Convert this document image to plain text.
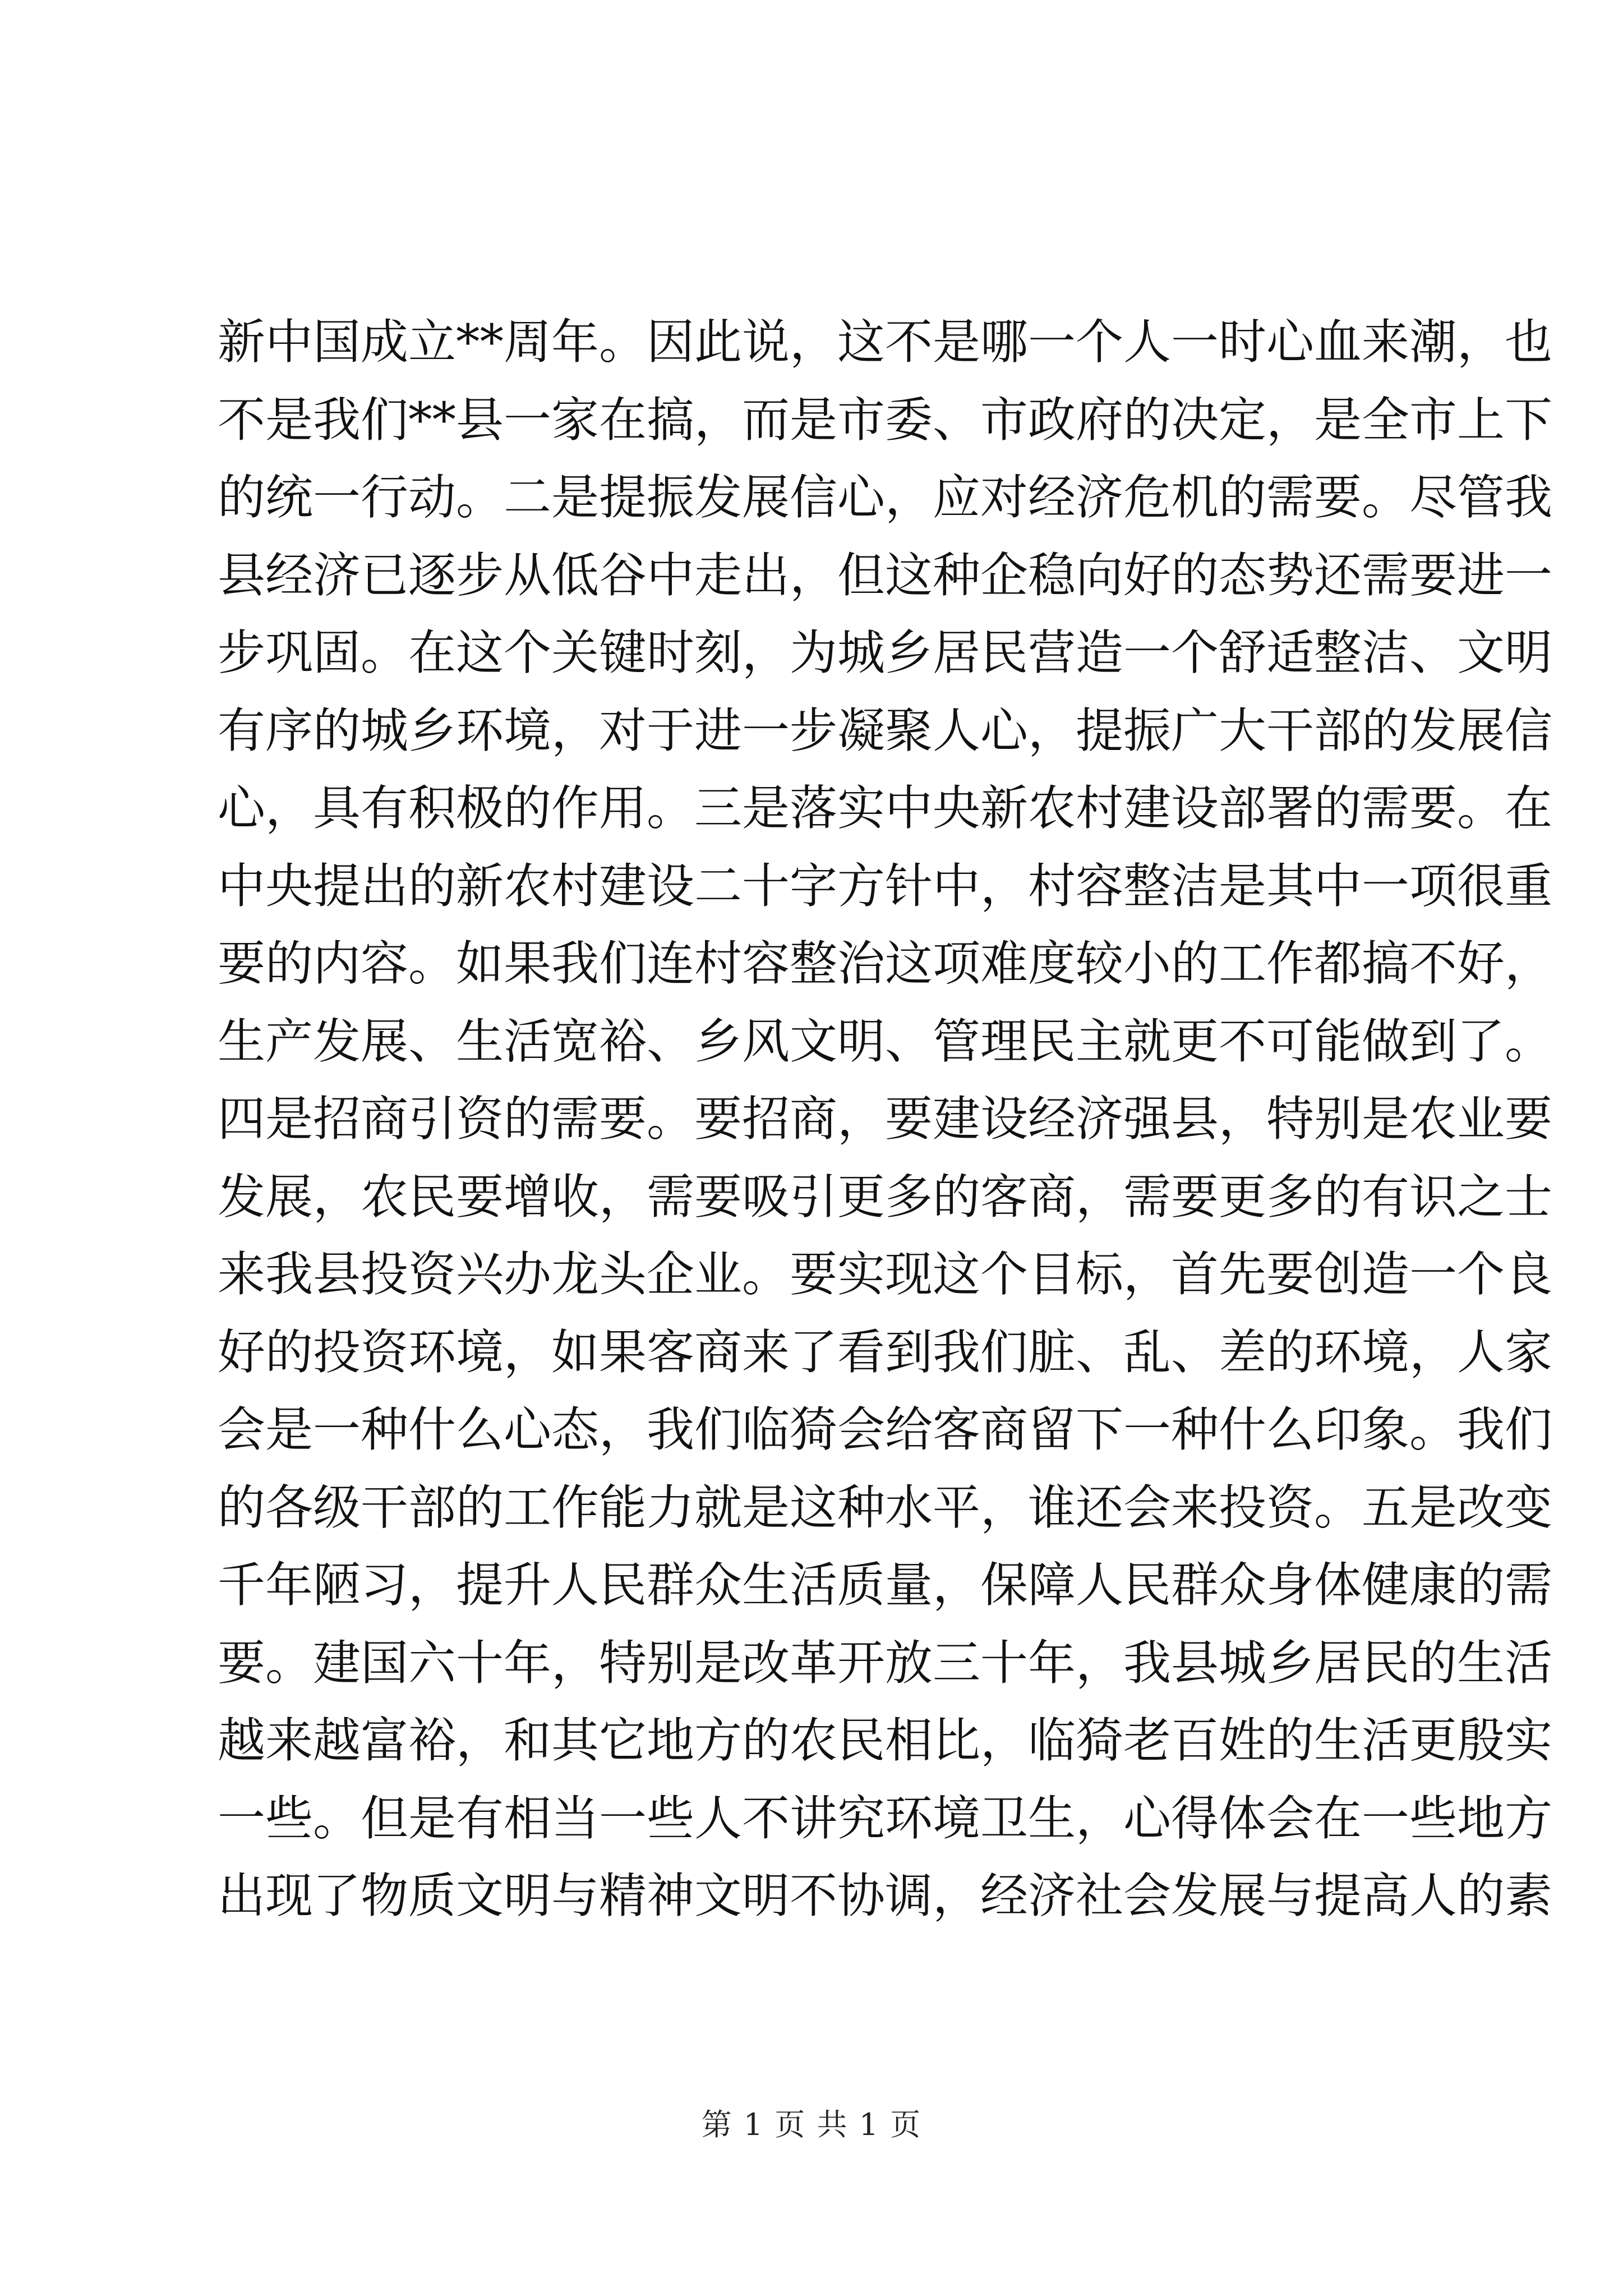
新中国成立**周年。因此说，这不是哪一个人一时心血来潮，也
不是我们**县一家在搞，而是市委、市政府的决定，是全市上下
的统一行动。二是提振发展信心，应对经济危机的需要。尽管我
县经济已逐步从低谷中走出，但这种企稳向好的态势还需要进一
步巩固。在这个关键时刻，为城乡居民营造一个舒适整洁、文明
有序的城乡环境，对于进一步凝聚人心，提振广大干部的发展信
心，具有积极的作用。三是落实中央新农村建设部署的需要。在
中央提出的新农村建设二十字方针中，村容整洁是其中一项很重
要的内容。如果我们连村容整治这项难度较小的工作都搞不好，
生产发展、生活宽裕、乡风文明、管理民主就更不可能做到了。
四是招商引资的需要。要招商，要建设经济强县，特别是农业要
发展，农民要增收，需要吸引更多的客商，需要更多的有识之士
来我县投资兴办龙头企业。要实现这个目标，首先要创造一个良
好的投资环境，如果客商来了看到我们脏、乱、差的环境，人家
会是一种什么心态，我们临猗会给客商留下一种什么印象。我们
的各级干部的工作能力就是这种水平，谁还会来投资。五是改变
千年陋习，提升人民群众生活质量，保障人民群众身体健康的需
要。建国六十年，特别是改革开放三十年，我县城乡居民的生活
越来越富裕，和其它地方的农民相比，临猗老百姓的生活更殷实
一些。但是有相当一些人不讲究环境卫生，心得体会在一些地方
出现了物质文明与精神文明不协调，经济社会发展与提高人的素
第 1 页 共 1 页
